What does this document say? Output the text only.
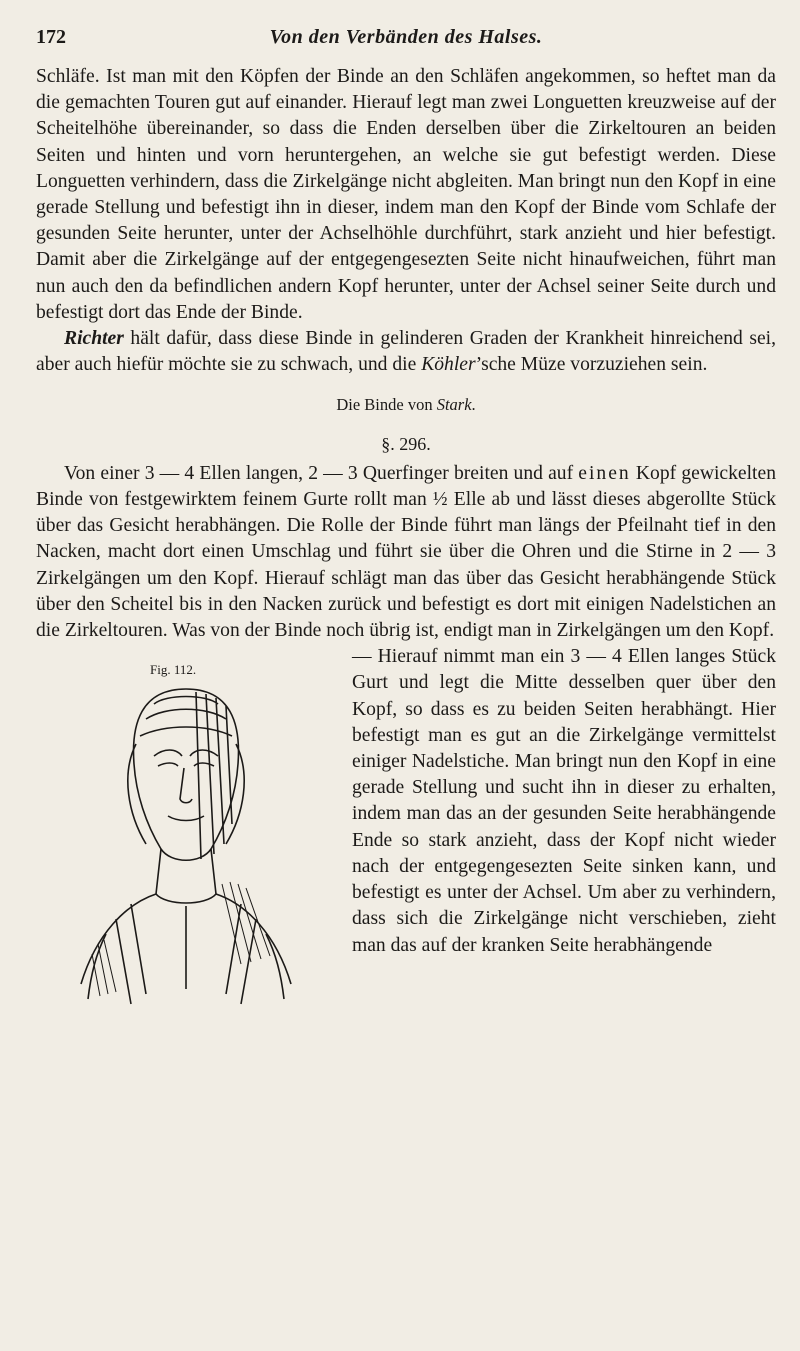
172	Von den Verbänden des Halses.

Schläfe. Ist man mit den Köpfen der Binde an den Schläfen angekommen, so heftet man da die gemachten Touren gut auf einander. Hierauf legt man zwei Longuetten kreuzweise auf der Scheitelhöhe übereinander, so dass die Enden derselben über die Zirkeltouren an beiden Seiten und hinten und vorn heruntergehen, an welche sie gut befestigt werden. Diese Longuetten verhindern, dass die Zirkelgänge nicht abgleiten. Man bringt nun den Kopf in eine gerade Stellung und befestigt ihn in dieser, indem man den Kopf der Binde vom Schlafe der gesunden Seite herunter, unter der Achselhöhle durchführt, stark anzieht und hier befestigt. Damit aber die Zirkelgänge auf der entgegengesezten Seite nicht hinaufweichen, führt man nun auch den da befindlichen andern Kopf herunter, unter der Achsel seiner Seite durch und befestigt dort das Ende der Binde.

Richter hält dafür, dass diese Binde in gelinderen Graden der Krankheit hinreichend sei, aber auch hiefür möchte sie zu schwach, und die Köhler’sche Müze vorzuziehen sein.

Die Binde von Stark.
§. 296.

Von einer 3 — 4 Ellen langen, 2 — 3 Querfinger breiten und auf einen Kopf gewickelten Binde von festgewirktem feinem Gurte rollt man ½ Elle ab und lässt dieses abgerollte Stück über das Gesicht herabhängen. Die Rolle der Binde führt man längs der Pfeilnaht tief in den Nacken, macht dort einen Umschlag und führt sie über die Ohren und die Stirne in 2 — 3 Zirkelgängen um den Kopf. Hierauf schlägt man das über das Gesicht herabhängende Stück über den Scheitel bis in den Nacken zurück und befestigt es dort mit einigen Nadelstichen an die Zirkeltouren. Was von der Binde noch übrig ist, endigt man in Zirkelgängen um den Kopf.

Fig. 112.
— Hierauf nimmt man ein 3 — 4 Ellen langes Stück Gurt und legt die Mitte desselben quer über den Kopf, so dass es zu beiden Seiten herabhängt. Hier befestigt man es gut an die Zirkelgänge vermittelst einiger Nadelstiche. Man bringt nun den Kopf in eine gerade Stellung und sucht ihn in dieser zu erhalten, indem man das an der gesunden Seite herabhängende Ende so stark anzieht, dass der Kopf nicht wieder nach der entgegengesezten Seite sinken kann, und befestigt es unter der Achsel. Um aber zu verhindern, dass sich die Zirkelgänge nicht verschieben, zieht man das auf der kranken Seite herabhängende
